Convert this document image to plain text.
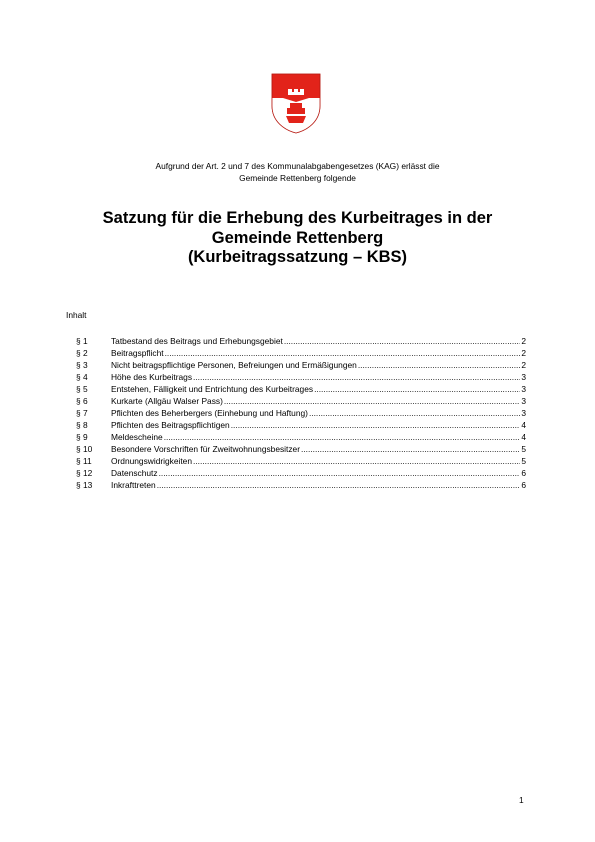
Aufgrund der Art. 2 und 7 des Kommunalabgabengesetzes (KAG) erlässt die
Gemeinde Rettenberg folgende
Satzung für die Erhebung des Kurbeitrages in der
Gemeinde Rettenberg
(Kurbeitragssatzung – KBS)
Inhalt
§ 1	Tatbestand des Beitrags und Erhebungsgebiet .....	2
§ 2	Beitragspflicht .....	2
§ 3	Nicht beitragspflichtige Personen, Befreiungen und Ermäßigungen .....	2
§ 4	Höhe des Kurbeitrags .....	3
§ 5	Entstehen, Fälligkeit und Entrichtung des Kurbeitrages .....	3
§ 6	Kurkarte (Allgäu Walser Pass) .....	3
§ 7	Pflichten des Beherbergers (Einhebung und Haftung) .....	3
§ 8	Pflichten des Beitragspflichtigen .....	4
§ 9	Meldescheine .....	4
§ 10	Besondere Vorschriften für Zweitwohnungsbesitzer .....	5
§ 11	Ordnungswidrigkeiten .....	5
§ 12	Datenschutz .....	6
§ 13	Inkrafttreten .....	6
1
